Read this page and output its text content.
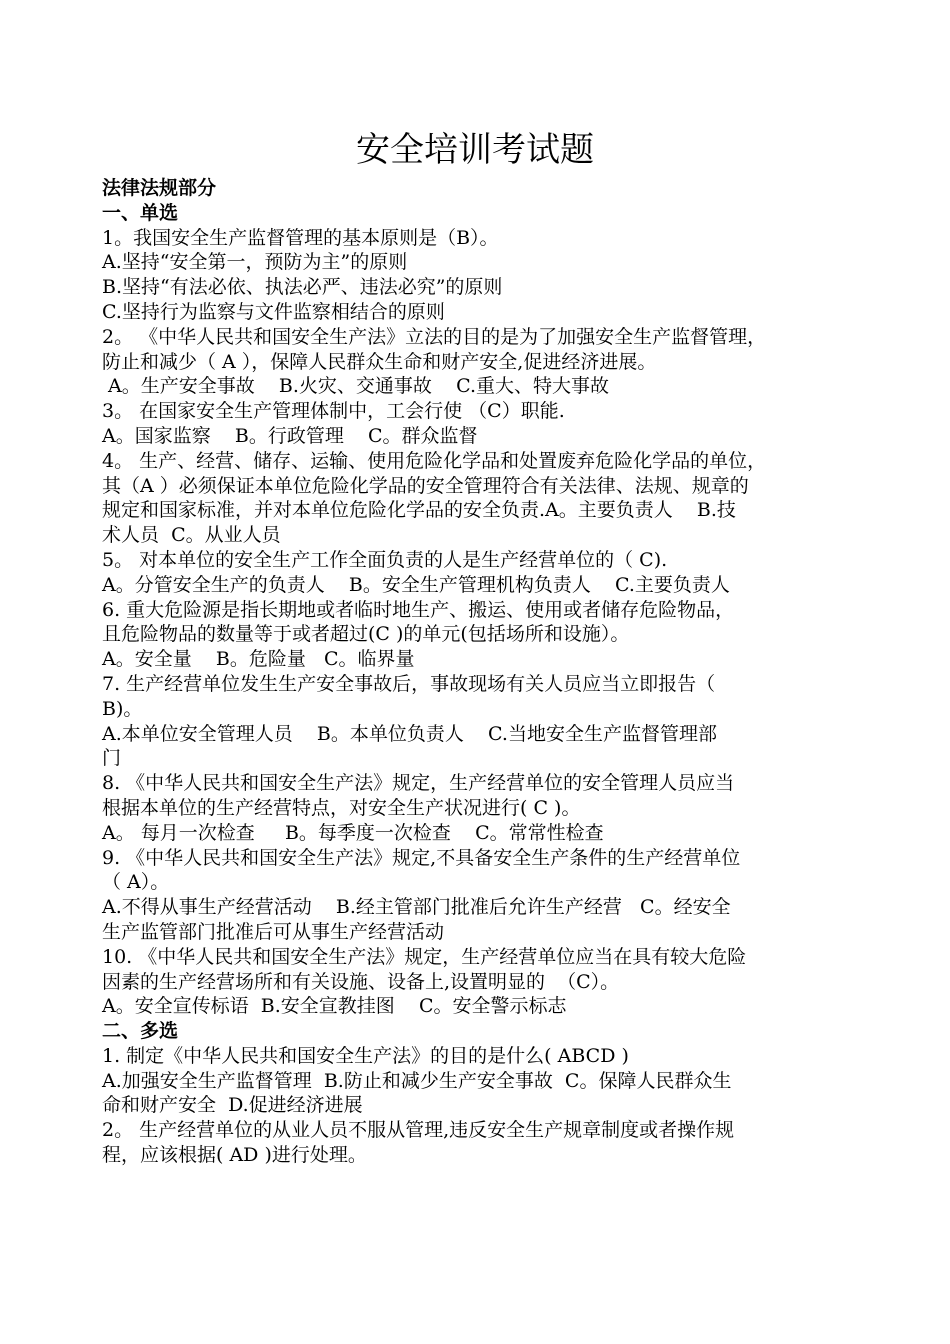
安全培训考试题
法律法规部分
一、单选
1。我国安全生产监督管理的基本原则是（B）。
A.坚持“安全第一，预防为主”的原则
B.坚持“有法必依、执法必严、违法必究”的原则
C.坚持行为监察与文件监察相结合的原则
2。 《中华人民共和国安全生产法》立法的目的是为了加强安全生产监督管理，
防止和减少（ A ），保障人民群众生命和财产安全,促进经济进展。
A。生产安全事故    B.火灾、交通事故    C.重大、特大事故
3。 在国家安全生产管理体制中，工会行使 （C）职能.
A。国家监察    B。行政管理    C。群众监督
4。 生产、经营、储存、运输、使用危险化学品和处置废弃危险化学品的单位，
其（A ）必须保证本单位危险化学品的安全管理符合有关法律、法规、规章的
规定和国家标准，并对本单位危险化学品的安全负责.A。主要负责人    B.技
术人员  C。从业人员
5。 对本单位的安全生产工作全面负责的人是生产经营单位的（ C).
A。分管安全生产的负责人    B。安全生产管理机构负责人    C.主要负责人
6. 重大危险源是指长期地或者临时地生产、搬运、使用或者储存危险物品，
且危险物品的数量等于或者超过(C )的单元(包括场所和设施）。
A。安全量    B。危险量   C。临界量
7. 生产经营单位发生生产安全事故后，事故现场有关人员应当立即报告（
B)。
A.本单位安全管理人员    B。本单位负责人    C.当地安全生产监督管理部
门
8. 《中华人民共和国安全生产法》规定，生产经营单位的安全管理人员应当
根据本单位的生产经营特点，对安全生产状况进行( C )。
A。 每月一次检查     B。每季度一次检查    C。常常性检查
9. 《中华人民共和国安全生产法》规定,不具备安全生产条件的生产经营单位
（ A）。
A.不得从事生产经营活动    B.经主管部门批准后允许生产经营   C。经安全
生产监管部门批准后可从事生产经营活动
10. 《中华人民共和国安全生产法》规定，生产经营单位应当在具有较大危险
因素的生产经营场所和有关设施、设备上,设置明显的  （C）。
A。安全宣传标语  B.安全宣教挂图    C。安全警示标志
二、多选
1. 制定《中华人民共和国安全生产法》的目的是什么( ABCD )
A.加强安全生产监督管理  B.防止和减少生产安全事故  C。保障人民群众生
命和财产安全  D.促进经济进展
2。 生产经营单位的从业人员不服从管理,违反安全生产规章制度或者操作规
程，应该根据( AD )进行处理。
